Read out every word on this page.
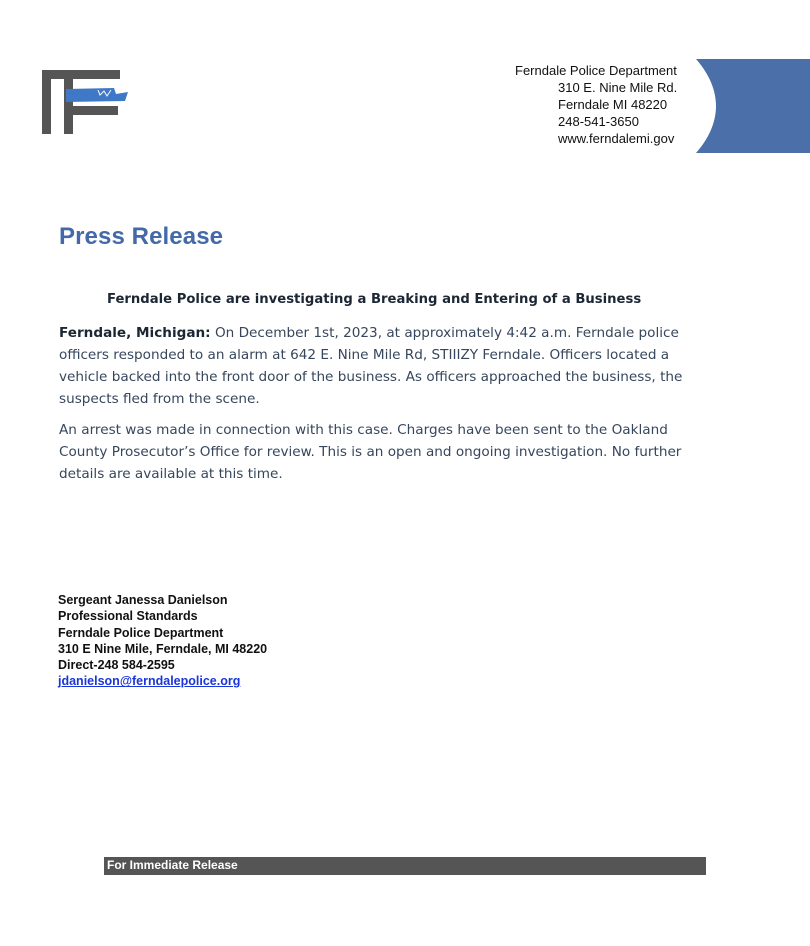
Ferndale Police Department
310 E. Nine Mile Rd.
Ferndale MI 48220
248-541-3650
www.ferndalemi.gov
Press Release
Ferndale Police are investigating a Breaking and Entering of a Business

Ferndale, Michigan: On December 1st, 2023, at approximately 4:42 a.m. Ferndale police officers responded to an alarm at 642 E. Nine Mile Rd, STIIIZY Ferndale. Officers located a vehicle backed into the front door of the business. As officers approached the business, the suspects fled from the scene.

An arrest was made in connection with this case. Charges have been sent to the Oakland County Prosecutor’s Office for review. This is an open and ongoing investigation. No further details are available at this time.

Sergeant Janessa Danielson
Professional Standards
Ferndale Police Department
310 E Nine Mile, Ferndale, MI 48220
Direct-248 584-2595
jdanielson@ferndalepolice.org
For Immediate Release
